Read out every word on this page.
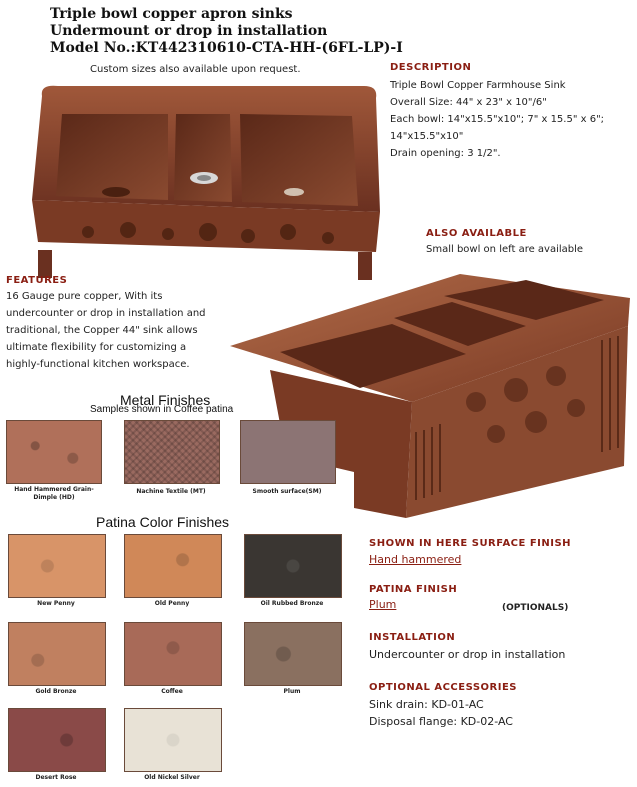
Triple bowl copper apron sinks
Undermount or drop in installation
Model No.:KT442310610-CTA-HH-(6FL-LP)-I
Custom sizes also available upon request.	DESCRIPTION
Triple Bowl Copper Farmhouse Sink
Overall Size: 44" x 23" x 10"/6"
Each bowl: 14"x15.5"x10"; 7" x 15.5" x 6";
14"x15.5"x10"
Drain opening: 3 1/2".
ALSO AVAILABLE
Small bowl on left are available
FEATURES
16 Gauge pure copper, With its
undercounter or drop in installation and
traditional, the Copper 44" sink allows
ultimate flexibility for customizing a
highly-functional kitchen workspace.
Metal Finishes
Samples shown in Coffee patina
Hand Hammered Grain-Dimple (HD)
Nachine Textile (MT)	Smooth surface(SM)
Patina Color Finishes
New Penny	Old Penny	Oil Rubbed Bronze
Gold Bronze	Coffee	Plum
Desert Rose	Old Nickel Silver
SHOWN IN HERE SURFACE FINISH
Hand hammered
PATINA FINISH
Plum	(OPTIONALS)
INSTALLATION
Undercounter or drop in installation
OPTIONAL ACCESSORIES
Sink drain: KD-01-AC
Disposal flange: KD-02-AC
